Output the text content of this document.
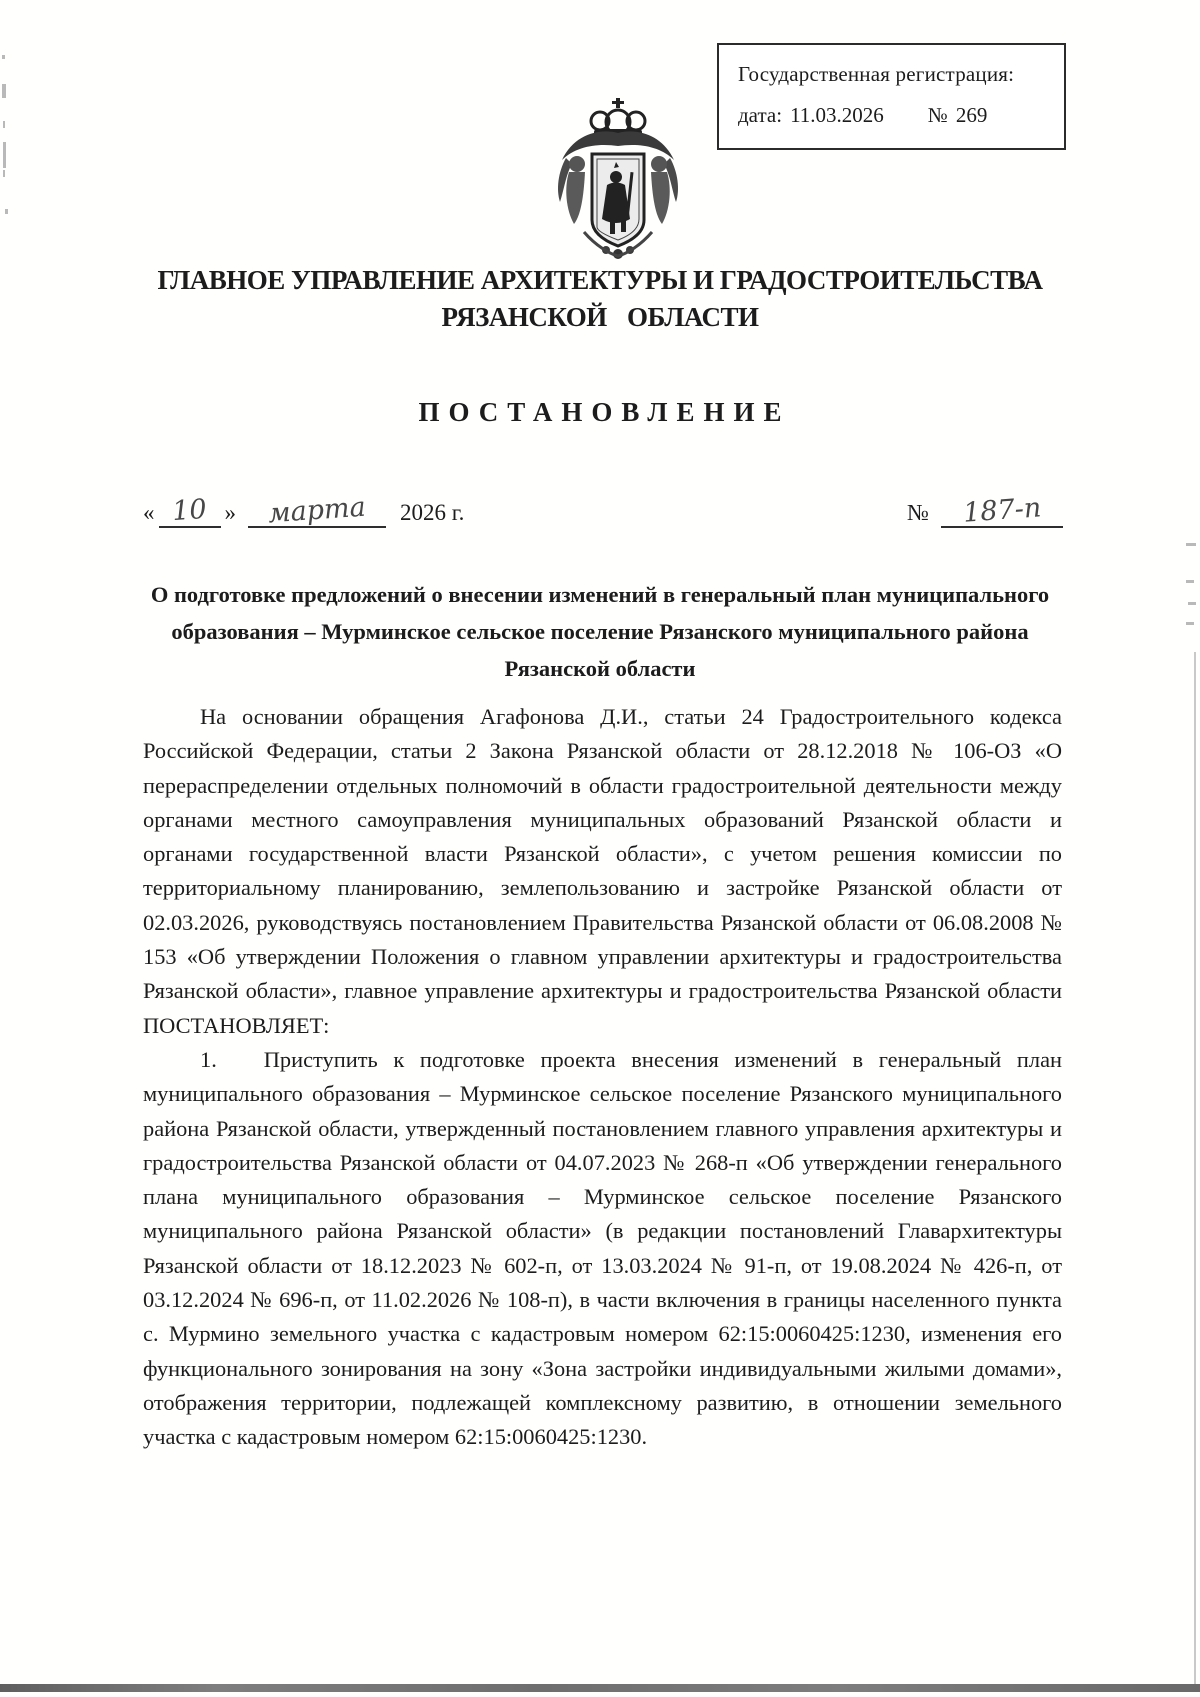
Государственная регистрация:
дата: 11.03.2026 № 269
ГЛАВНОЕ УПРАВЛЕНИЕ АРХИТЕКТУРЫ И ГРАДОСТРОИТЕЛЬСТВА
РЯЗАНСКОЙ ОБЛАСТИ
ПОСТАНОВЛЕНИЕ
« 10 »	марта	2026 г.	№	187-п
О подготовке предложений о внесении изменений в генеральный план муниципального образования – Мурминское сельское поселение Рязанского муниципального района Рязанской области

На основании обращения Агафонова Д.И., статьи 24 Градостроительного кодекса Российской Федерации, статьи 2 Закона Рязанской области от 28.12.2018 № 106-ОЗ «О перераспределении отдельных полномочий в области градостроительной деятельности между органами местного самоуправления муниципальных образований Рязанской области и органами государственной власти Рязанской области», с учетом решения комиссии по территориальному планированию, землепользованию и застройке Рязанской области от 02.03.2026, руководствуясь постановлением Правительства Рязанской области от 06.08.2008 № 153 «Об утверждении Положения о главном управлении архитектуры и градостроительства Рязанской области», главное управление архитектуры и градостроительства Рязанской области ПОСТАНОВЛЯЕТ:

1.   Приступить к подготовке проекта внесения изменений в генеральный план муниципального образования – Мурминское сельское поселение Рязанского муниципального района Рязанской области, утвержденный постановлением главного управления архитектуры и градостроительства Рязанской области от 04.07.2023 № 268-п «Об утверждении генерального плана муниципального образования – Мурминское сельское поселение Рязанского муниципального района Рязанской области» (в редакции постановлений Главархитектуры Рязанской области от 18.12.2023 № 602-п, от 13.03.2024 № 91-п, от 19.08.2024 № 426-п, от 03.12.2024 № 696-п, от 11.02.2026 № 108-п), в части включения в границы населенного пункта с. Мурмино земельного участка с кадастровым номером 62:15:0060425:1230, изменения его функционального зонирования на зону «Зона застройки индивидуальными жилыми домами», отображения территории, подлежащей комплексному развитию, в отношении земельного участка с кадастровым номером 62:15:0060425:1230.
